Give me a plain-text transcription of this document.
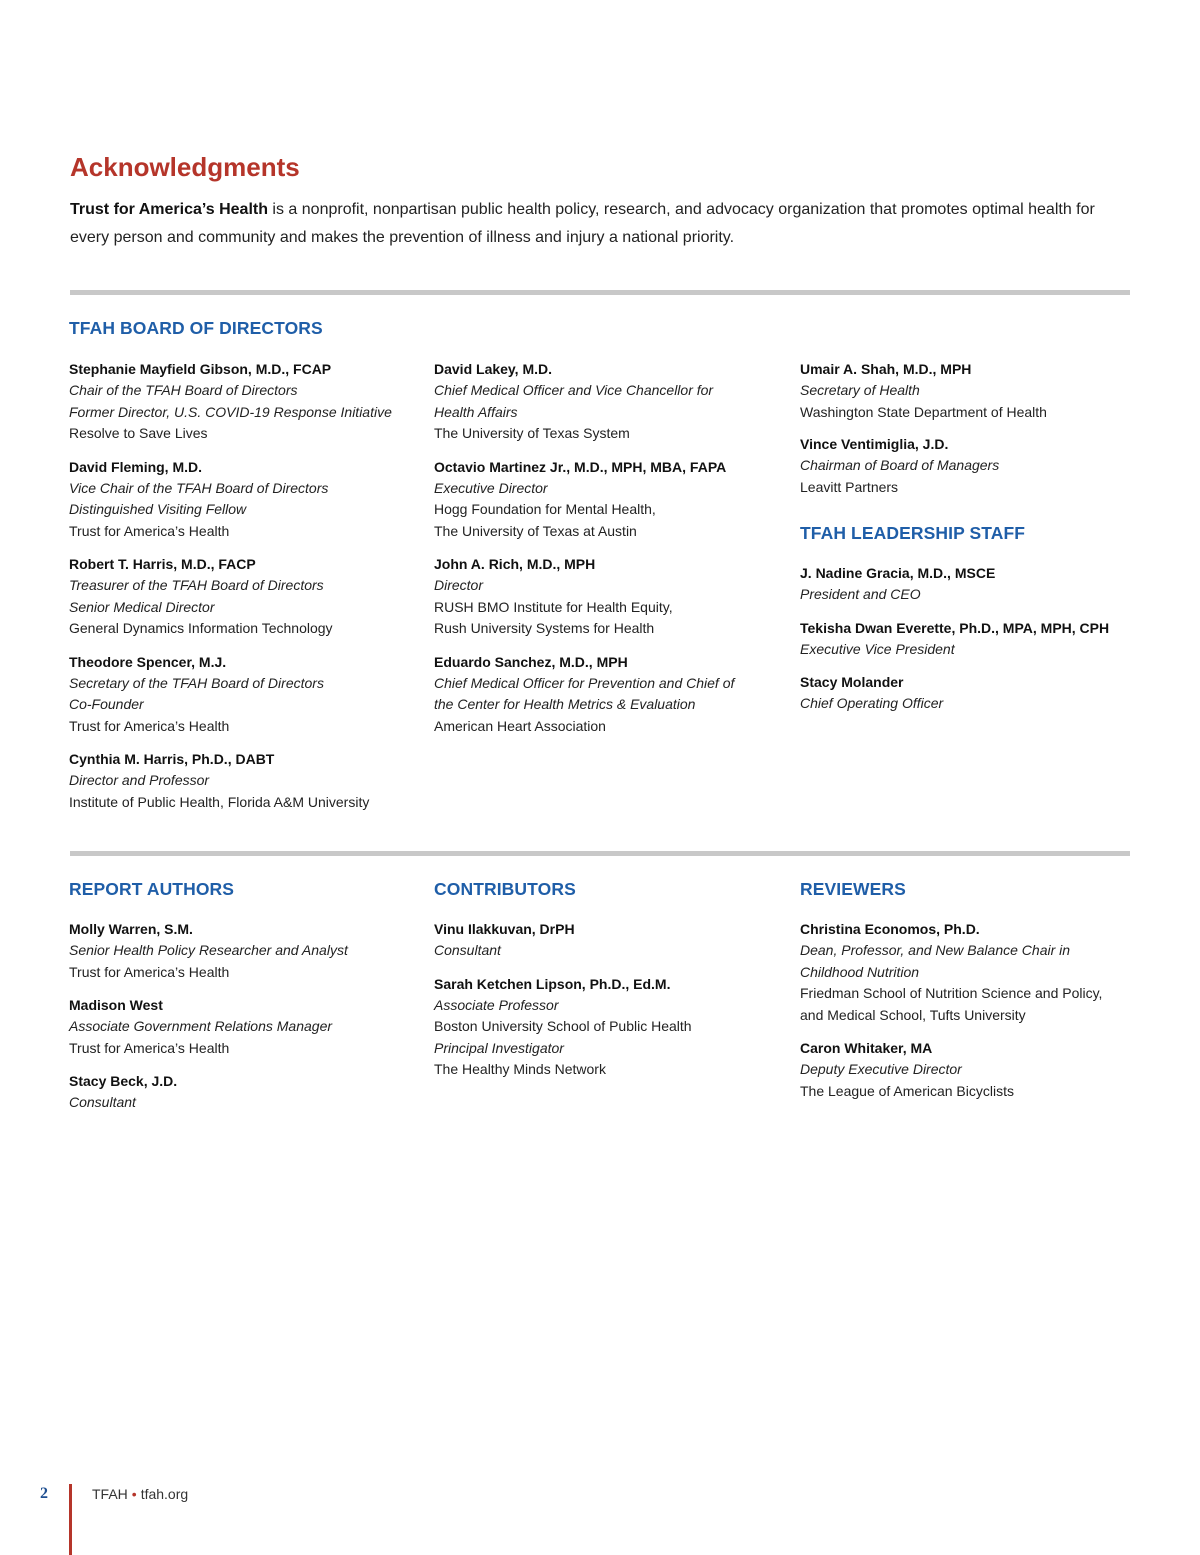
Acknowledgments

Trust for America’s Health is a nonprofit, nonpartisan public health policy, research, and advocacy organization that promotes optimal health for every person and community and makes the prevention of illness and injury a national priority.

TFAH BOARD OF DIRECTORS
Stephanie Mayfield Gibson, M.D., FCAP
Chair of the TFAH Board of Directors
Former Director, U.S. COVID-19 Response Initiative
Resolve to Save Lives
David Fleming, M.D.
Vice Chair of the TFAH Board of Directors
Distinguished Visiting Fellow
Trust for America’s Health
Robert T. Harris, M.D., FACP
Treasurer of the TFAH Board of Directors
Senior Medical Director
General Dynamics Information Technology
Theodore Spencer, M.J.
Secretary of the TFAH Board of Directors
Co-Founder
Trust for America’s Health
Cynthia M. Harris, Ph.D., DABT
Director and Professor
Institute of Public Health, Florida A&M University
David Lakey, M.D.
Chief Medical Officer and Vice Chancellor for
Health Affairs
The University of Texas System
Octavio Martinez Jr., M.D., MPH, MBA, FAPA
Executive Director
Hogg Foundation for Mental Health,
The University of Texas at Austin
John A. Rich, M.D., MPH
Director
RUSH BMO Institute for Health Equity,
Rush University Systems for Health
Eduardo Sanchez, M.D., MPH
Chief Medical Officer for Prevention and Chief of
the Center for Health Metrics & Evaluation
American Heart Association
Umair A. Shah, M.D., MPH
Secretary of Health
Washington State Department of Health
Vince Ventimiglia, J.D.
Chairman of Board of Managers
Leavitt Partners
TFAH LEADERSHIP STAFF
J. Nadine Gracia, M.D., MSCE
President and CEO
Tekisha Dwan Everette, Ph.D., MPA, MPH, CPH
Executive Vice President
Stacy Molander
Chief Operating Officer
REPORT AUTHORS
Molly Warren, S.M.
Senior Health Policy Researcher and Analyst
Trust for America’s Health
Madison West
Associate Government Relations Manager
Trust for America’s Health
Stacy Beck, J.D.
Consultant
CONTRIBUTORS
Vinu Ilakkuvan, DrPH
Consultant
Sarah Ketchen Lipson, Ph.D., Ed.M.
Associate Professor
Boston University School of Public Health
Principal Investigator
The Healthy Minds Network
REVIEWERS
Christina Economos, Ph.D.
Dean, Professor, and New Balance Chair in
Childhood Nutrition
Friedman School of Nutrition Science and Policy,
and Medical School, Tufts University
Caron Whitaker, MA
Deputy Executive Director
The League of American Bicyclists
2	TFAH • tfah.org
